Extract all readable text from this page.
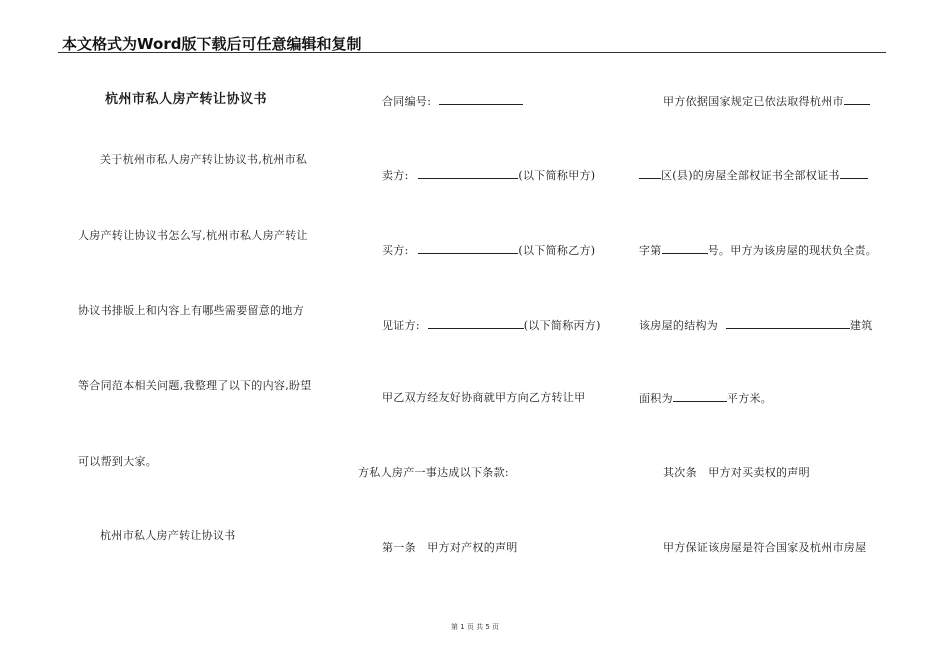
本文格式为Word版下载后可任意编辑和复制
杭州市私人房产转让协议书
关于杭州市私人房产转让协议书,杭州市私
人房产转让协议书怎么写,杭州市私人房产转让
协议书排版上和内容上有哪些需要留意的地方
等合同范本相关问题,我整理了以下的内容,盼望
可以帮到大家。
杭州市私人房产转让协议书
合同编号:
卖方:	(以下简称甲方)
买方:	(以下简称乙方)
见证方:	(以下简称丙方)
甲乙双方经友好协商就甲方向乙方转让甲
方私人房产一事达成以下条款:
第一条　甲方对产权的声明
甲方依据国家规定已依法取得杭州市
区(县)的房屋全部权证书全部权证书
字第	号。甲方为该房屋的现状负全责。
该房屋的结构为	建筑
面积为	平方米。
其次条　甲方对买卖权的声明
甲方保证该房屋是符合国家及杭州市房屋
第 1 页 共 5 页
